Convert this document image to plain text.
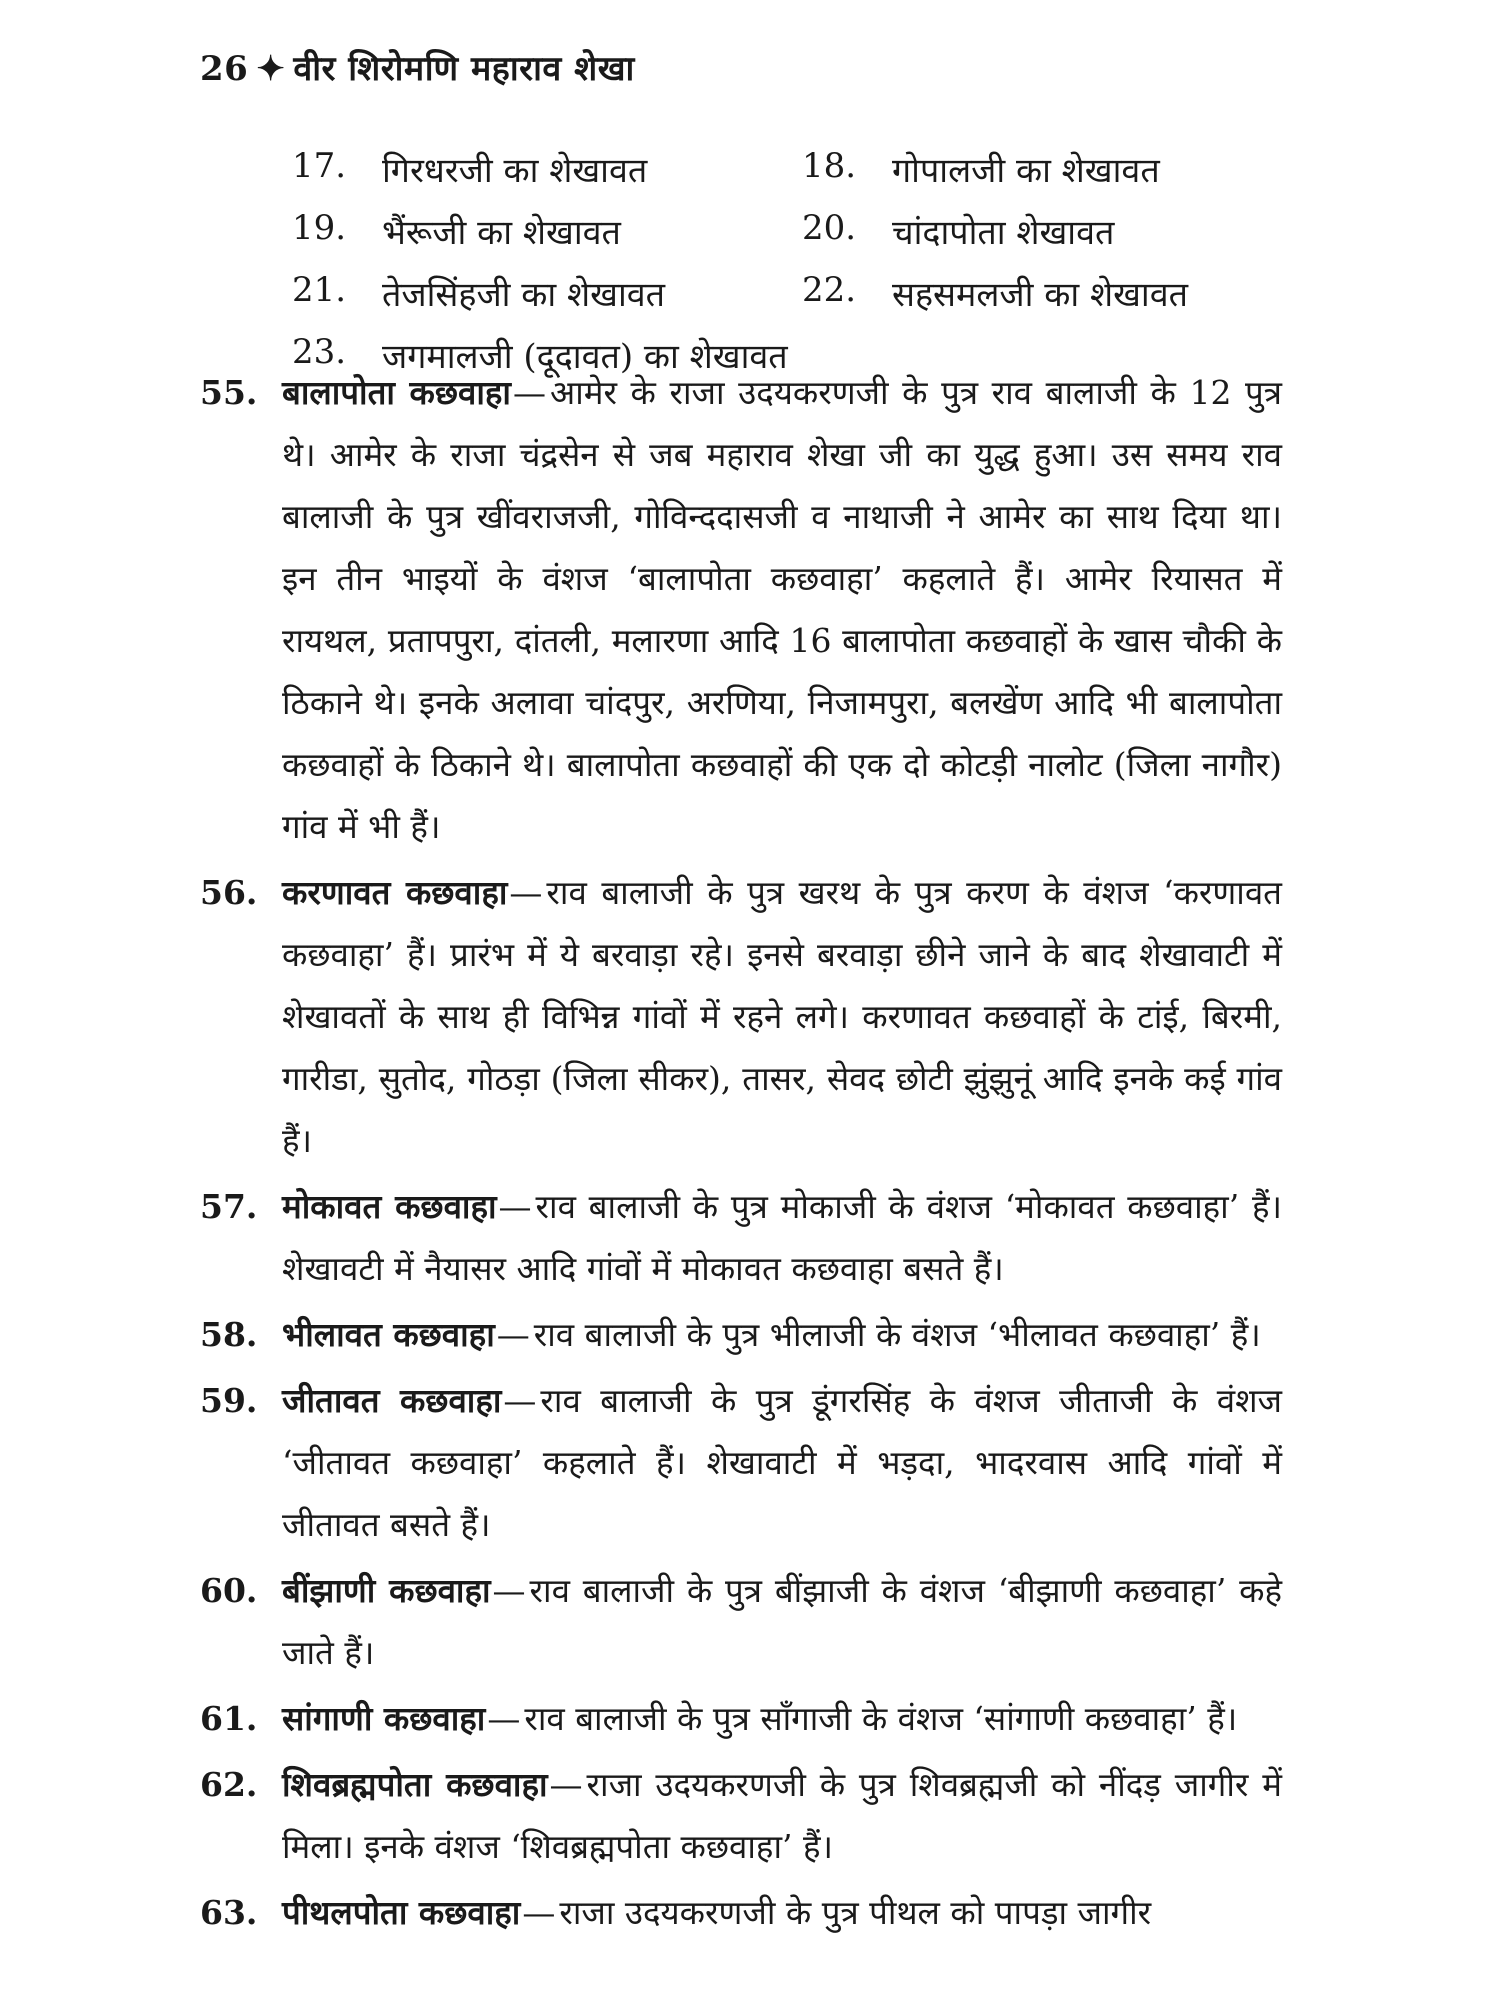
26 ✦ वीर शिरोमणि महाराव शेखा
17.	गिरधरजी का शेखावत	18.	गोपालजी का शेखावत
19.	भैंरूजी का शेखावत	20.	चांदापोता शेखावत
21.	तेजसिंहजी का शेखावत	22.	सहसमलजी का शेखावत
23.	जगमालजी (दूदावत) का शेखावत
55. बालापोता कछवाहा— आमेर के राजा उदयकरणजी के पुत्र राव बालाजी के 12 पुत्र थे। आमेर के राजा चंद्रसेन से जब महाराव शेखा जी का युद्ध हुआ। उस समय राव बालाजी के पुत्र खींवराजजी, गोविन्ददासजी व नाथाजी ने आमेर का साथ दिया था। इन तीन भाइयों के वंशज ‘बालापोता कछवाहा’ कहलाते हैं। आमेर रियासत में रायथल, प्रतापपुरा, दांतली, मलारणा आदि 16 बालापोता कछवाहों के खास चौकी के ठिकाने थे। इनके अलावा चांदपुर, अरणिया, निजामपुरा, बलखेंण आदि भी बालापोता कछवाहों के ठिकाने थे। बालापोता कछवाहों की एक दो कोटड़ी नालोट (जिला नागौर) गांव में भी हैं।
56. करणावत कछवाहा— राव बालाजी के पुत्र खरथ के पुत्र करण के वंशज ‘करणावत कछवाहा’ हैं। प्रारंभ में ये बरवाड़ा रहे। इनसे बरवाड़ा छीने जाने के बाद शेखावाटी में शेखावतों के साथ ही विभिन्न गांवों में रहने लगे। करणावत कछवाहों के टांई, बिरमी, गारीडा, सुतोद, गोठड़ा (जिला सीकर), तासर, सेवद छोटी झुंझुनूं आदि इनके कई गांव हैं।
57. मोकावत कछवाहा— राव बालाजी के पुत्र मोकाजी के वंशज ‘मोकावत कछवाहा’ हैं। शेखावटी में नैयासर आदि गांवों में मोकावत कछवाहा बसते हैं।
58. भीलावत कछवाहा— राव बालाजी के पुत्र भीलाजी के वंशज ‘भीलावत कछवाहा’ हैं।
59. जीतावत कछवाहा— राव बालाजी के पुत्र डूंगरसिंह के वंशज जीताजी के वंशज ‘जीतावत कछवाहा’ कहलाते हैं। शेखावाटी में भड़दा, भादरवास आदि गांवों में जीतावत बसते हैं।
60. बींझाणी कछवाहा— राव बालाजी के पुत्र बींझाजी के वंशज ‘बीझाणी कछवाहा’ कहे जाते हैं।
61. सांगाणी कछवाहा— राव बालाजी के पुत्र साँगाजी के वंशज ‘सांगाणी कछवाहा’ हैं।
62. शिवब्रह्मपोता कछवाहा— राजा उदयकरणजी के पुत्र शिवब्रह्मजी को नींदड़ जागीर में मिला। इनके वंशज ‘शिवब्रह्मपोता कछवाहा’ हैं।
63. पीथलपोता कछवाहा— राजा उदयकरणजी के पुत्र पीथल को पापड़ा जागीर
